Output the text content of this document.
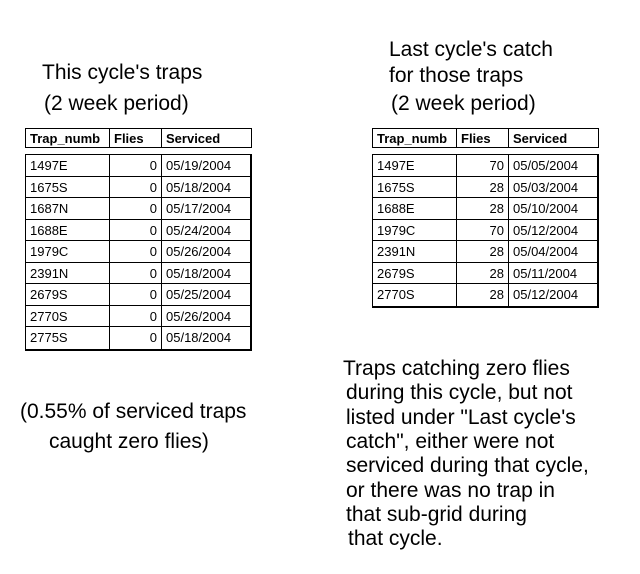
This cycle's traps
(2 week period)
Trap_numb	Flies	Serviced
1497E	0 05/19/2004
1675S	0 05/18/2004
1687N	0 05/17/2004
1688E	0 05/24/2004
1979C	0 05/26/2004
2391N	0 05/18/2004
2679S	0 05/25/2004
2770S	0 05/26/2004
2775S	0 05/18/2004
(0.55% of serviced traps
caught zero flies)
Last cycle's catch
for those traps
(2 week period)
Trap_numb	Flies	Serviced
1497E	70 05/05/2004
1675S	28 05/03/2004
1688E	28 05/10/2004
1979C	70 05/12/2004
2391N	28 05/04/2004
2679S	28 05/11/2004
2770S	28 05/12/2004
Traps catching zero flies
during this cycle, but not
listed under "Last cycle's
catch", either were not
serviced during that cycle,
or there was no trap in
that sub-grid during
that cycle.
